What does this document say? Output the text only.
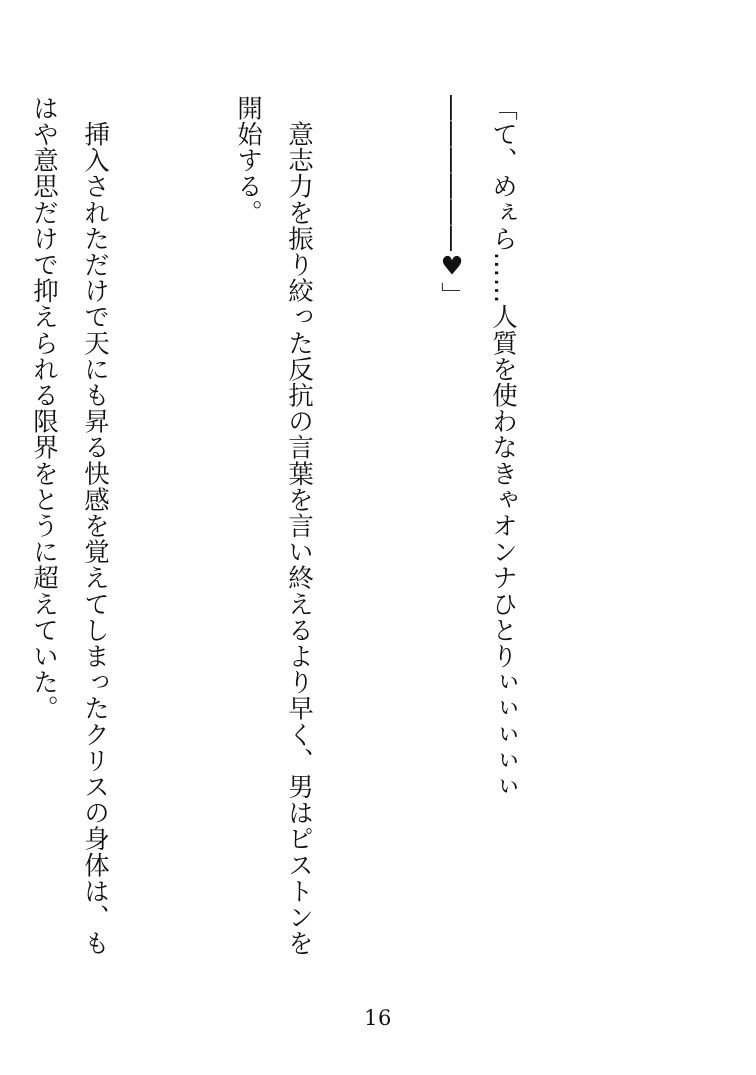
「て、めぇら……人質を使わなきゃオンナひとりぃぃぃぃぃ――――――♥」

　意志力を振り絞った反抗の言葉を言い終えるより早く、男はピストンを開始する。

　挿入されただけで天にも昇る快感を覚えてしまったクリスの身体は、もはや意思だけで抑えられる限界をとうに超えていた。

16
